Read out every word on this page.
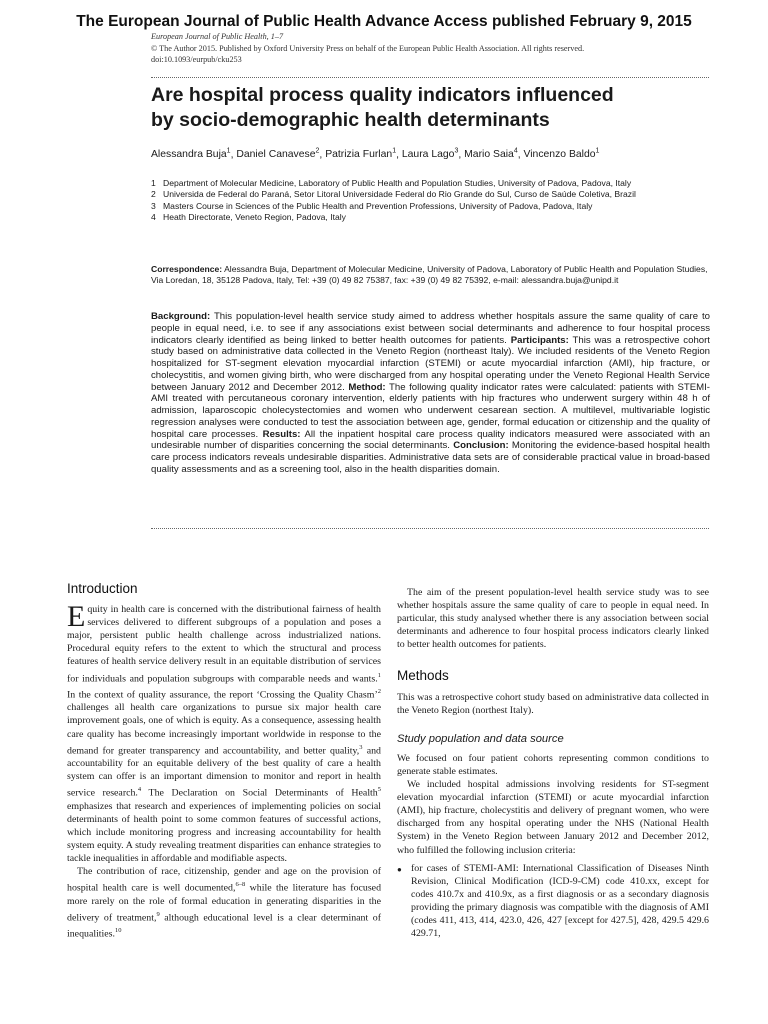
The European Journal of Public Health Advance Access published February 9, 2015
European Journal of Public Health, 1–7
© The Author 2015. Published by Oxford University Press on behalf of the European Public Health Association. All rights reserved.
doi:10.1093/eurpub/cku253
Are hospital process quality indicators influenced
by socio-demographic health determinants
Alessandra Buja$^1$, Daniel Canavese$^2$, Patrizia Furlan$^1$, Laura Lago$^3$, Mario Saia$^4$, Vincenzo Baldo$^1$
1 Department of Molecular Medicine, Laboratory of Public Health and Population Studies, University of Padova, Padova, Italy
2 Universida de Federal do Paraná, Setor Litoral Universidade Federal do Rio Grande do Sul, Curso de Saúde Coletiva, Brazil
3 Masters Course in Sciences of the Public Health and Prevention Professions, University of Padova, Padova, Italy
4 Heath Directorate, Veneto Region, Padova, Italy
Correspondence: Alessandra Buja, Department of Molecular Medicine, University of Padova, Laboratory of Public Health and Population Studies, Via Loredan, 18, 35128 Padova, Italy, Tel: +39 (0) 49 82 75387, fax: +39 (0) 49 82 75392, e-mail: alessandra.buja@unipd.it
Background: This population-level health service study aimed to address whether hospitals assure the same quality of care to people in equal need, i.e. to see if any associations exist between social determinants and adherence to four hospital process indicators clearly identified as being linked to better health outcomes for patients. Participants: This was a retrospective cohort study based on administrative data collected in the Veneto Region (northeast Italy). We included residents of the Veneto Region hospitalized for ST-segment elevation myocardial infarction (STEMI) or acute myocardial infarction (AMI), hip fracture, or cholecystitis, and women giving birth, who were discharged from any hospital operating under the Veneto Regional Health Service between January 2012 and December 2012. Method: The following quality indicator rates were calculated: patients with STEMI-AMI treated with percutaneous coronary intervention, elderly patients with hip fractures who underwent surgery within 48 h of admission, laparoscopic cholecystectomies and women who underwent cesarean section. A multilevel, multivariable logistic regression analyses were conducted to test the association between age, gender, formal education or citizenship and the quality of hospital care processes. Results: All the inpatient hospital care process quality indicators measured were associated with an undesirable number of disparities concerning the social determinants. Conclusion: Monitoring the evidence-based hospital health care process indicators reveals undesirable disparities. Administrative data sets are of considerable practical value in broad-based quality assessments and as a screening tool, also in the health disparities domain.
Introduction

Equity in health care is concerned with the distributional fairness of health services delivered to different subgroups of a population and poses a major, persistent public health challenge across industrialized nations. Procedural equity refers to the extent to which the structural and process features of health service delivery result in an equitable distribution of services for individuals and population subgroups with comparable needs and wants.$^1$ In the context of quality assurance, the report ‘Crossing the Quality Chasm’$^2$ challenges all health care organizations to pursue six major health care improvement goals, one of which is equity. As a consequence, assessing health care quality has become increasingly important worldwide in response to the demand for greater transparency and accountability, and better quality,$^3$ and accountability for an equitable delivery of the best quality of care a health system can offer is an important dimension to monitor and report in health service research.$^4$ The Declaration on Social Determinants of Health$^5$ emphasizes that research and experiences of implementing policies on social determinants of health point to some common features of successful actions, which include monitoring progress and increasing accountability for health system equity. A study revealing treatment disparities can enhance strategies to tackle inequalities in affordable and modifiable aspects.

The contribution of race, citizenship, gender and age on the provision of hospital health care is well documented,$^{6-8}$ while the literature has focused more rarely on the role of formal education in generating disparities in the delivery of treatment,$^9$ although educational level is a clear determinant of inequalities.$^{10}$

The aim of the present population-level health service study was to see whether hospitals assure the same quality of care to people in equal need. In particular, this study analysed whether there is any association between social determinants and adherence to four hospital process indicators clearly linked to better health outcomes for patients.

Methods

This was a retrospective cohort study based on administrative data collected in the Veneto Region (northest Italy).

Study population and data source

We focused on four patient cohorts representing common conditions to generate stable estimates.

We included hospital admissions involving residents for ST-segment elevation myocardial infarction (STEMI) or acute myocardial infarction (AMI), hip fracture, cholecystitis and delivery of pregnant women, who were discharged from any hospital operating under the NHS (National Health System) in the Veneto Region between January 2012 and December 2012, who fulfilled the following inclusion criteria:

● for cases of STEMI-AMI: International Classification of Diseases Ninth Revision, Clinical Modification (ICD-9-CM) code 410.xx, except for codes 410.7x and 410.9x, as a first diagnosis or as a secondary diagnosis providing the primary diagnosis was compatible with the diagnosis of AMI (codes 411, 413, 414, 423.0, 426, 427 [except for 427.5], 428, 429.5 429.6 429.71,
